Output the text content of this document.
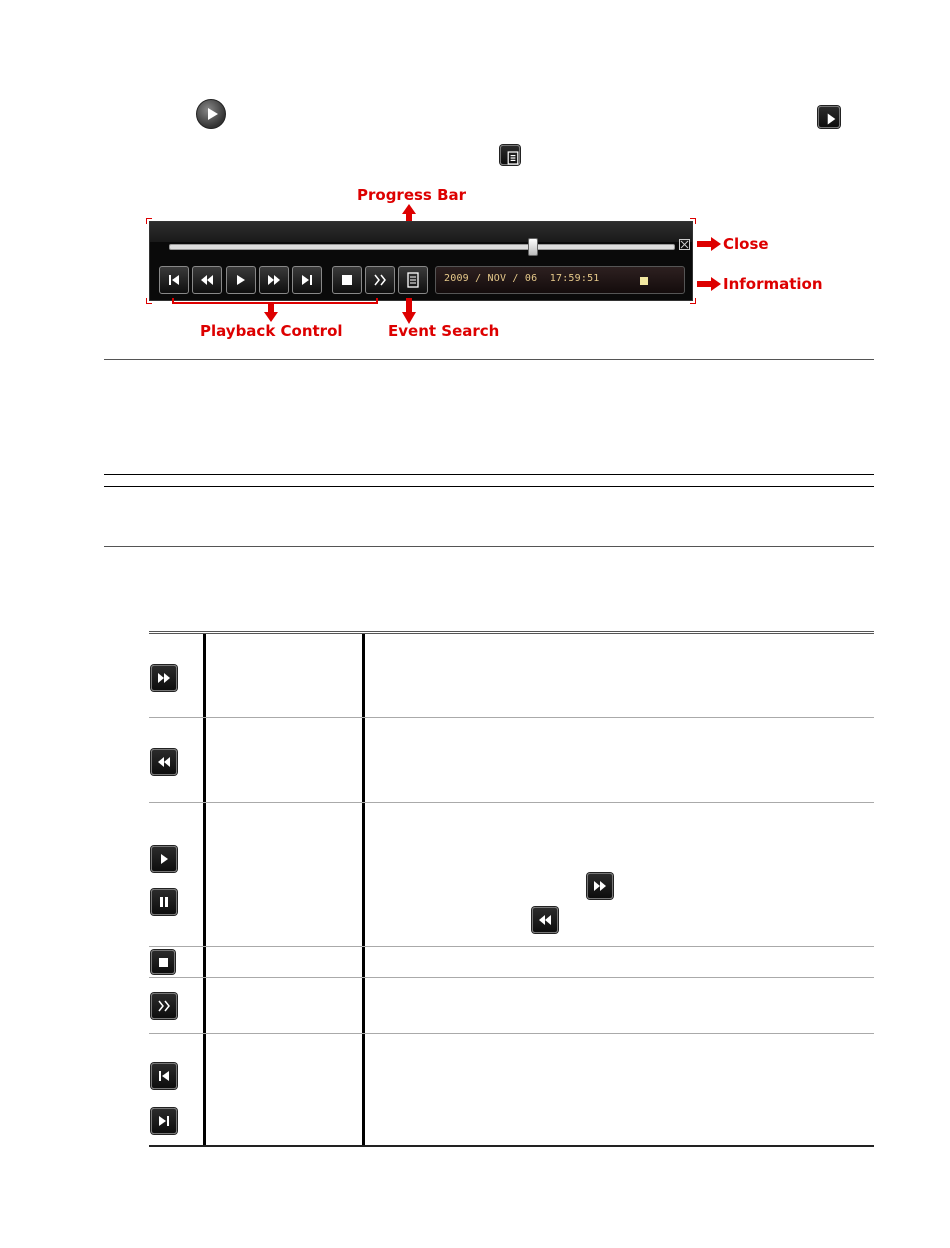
Progress Bar
2009 / NOV / 06  17:59:51
Close
Information
Playback Control	Event Search
